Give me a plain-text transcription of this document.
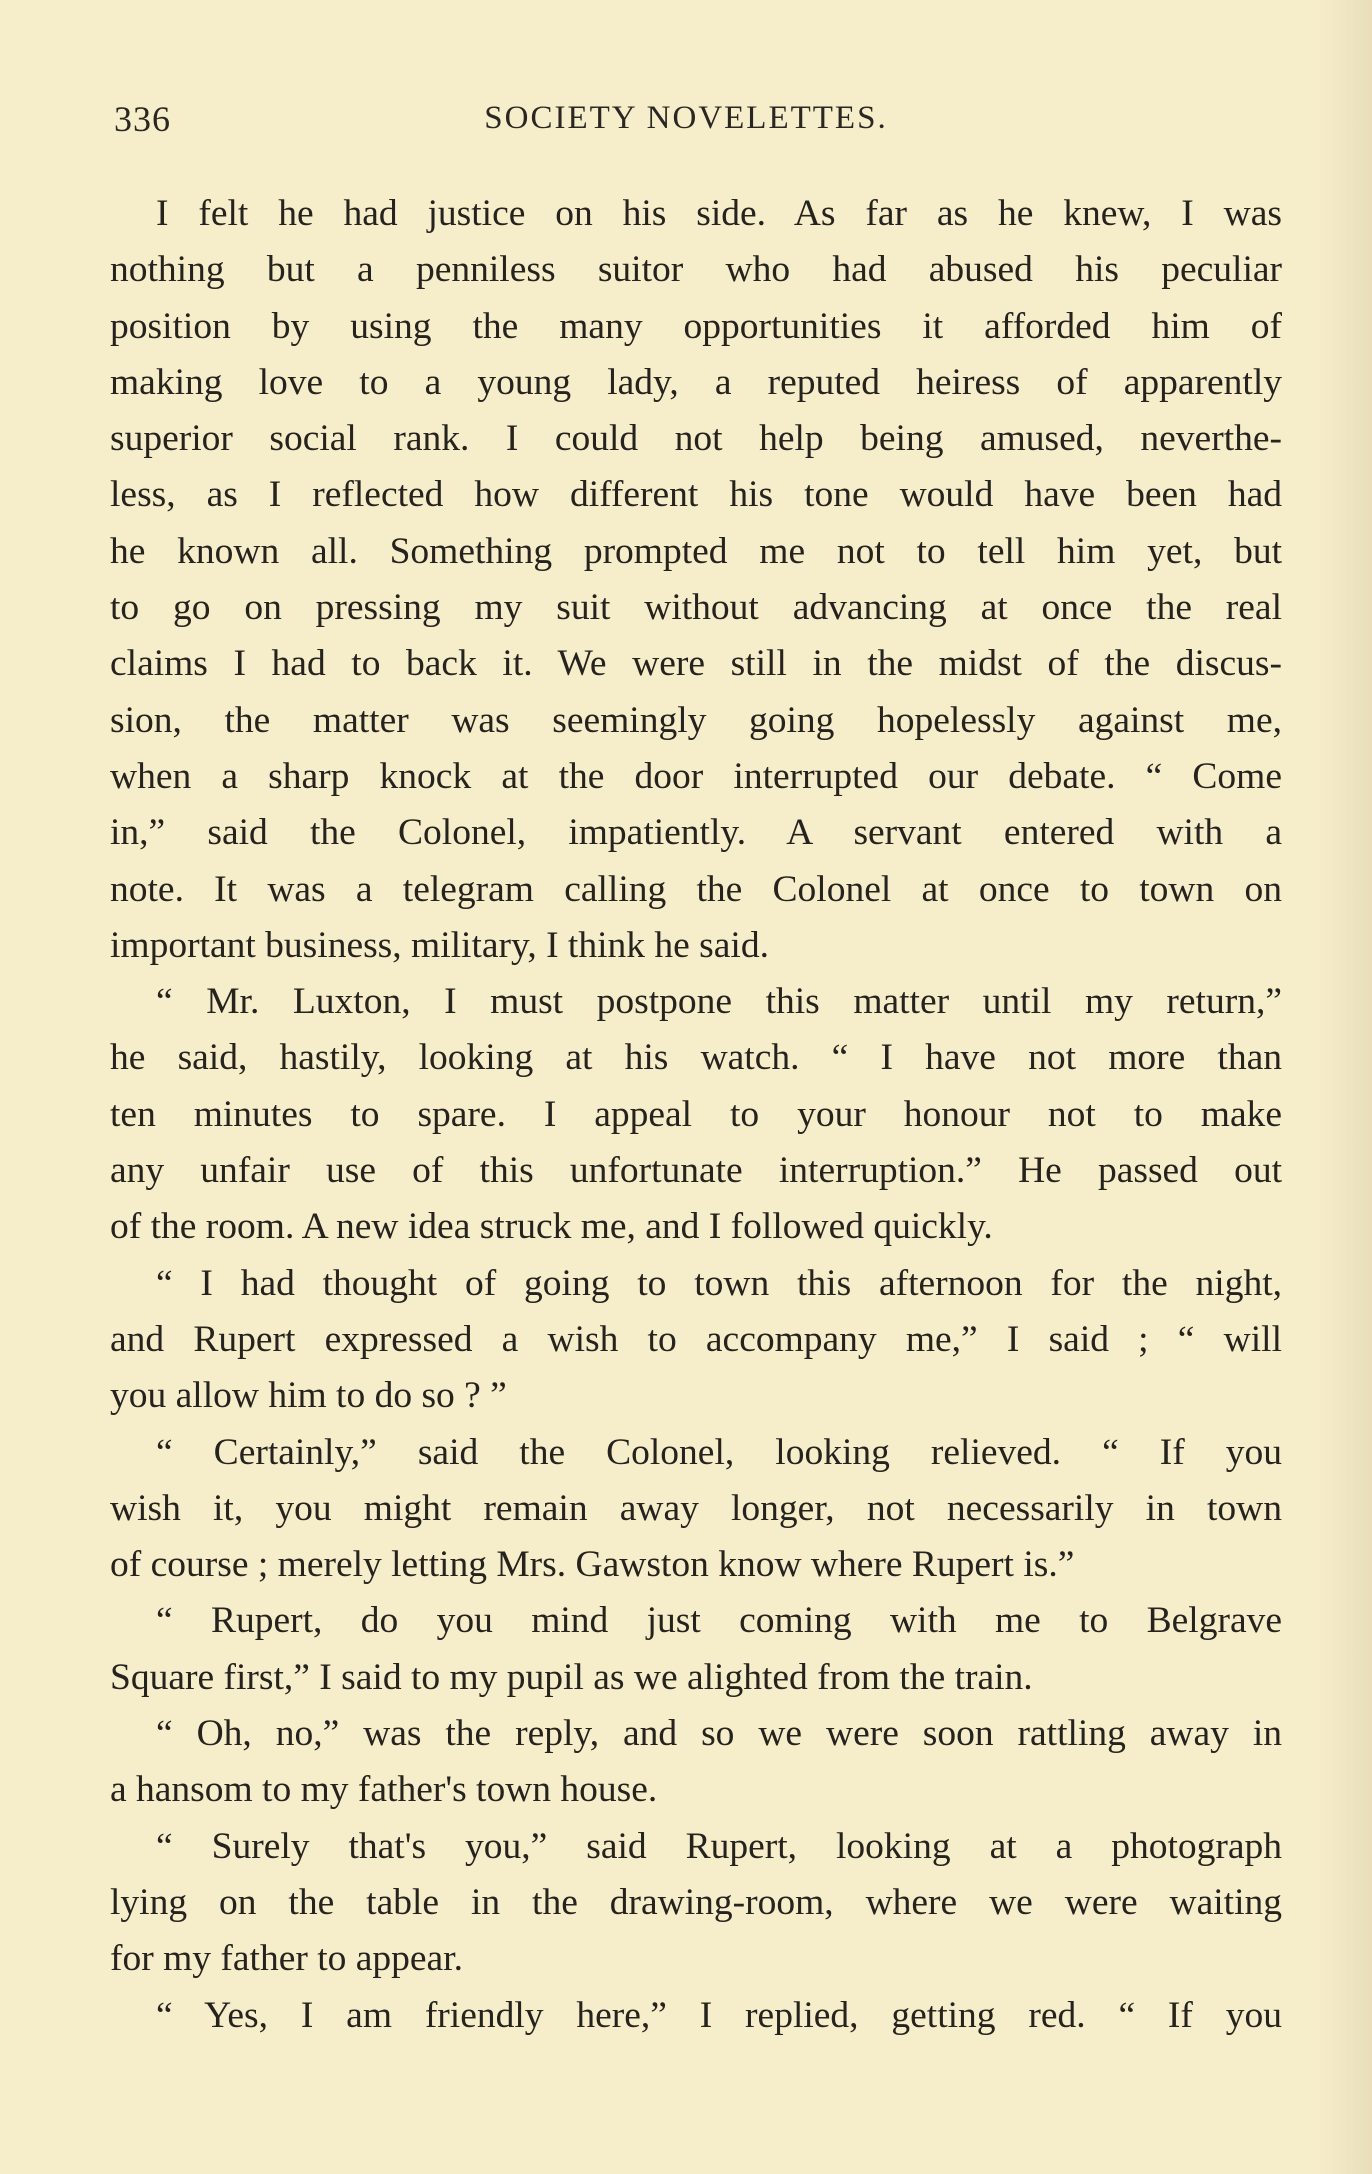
336	SOCIETY NOVELETTES.
I felt he had justice on his side. As far as he knew, I was
nothing but a penniless suitor who had abused his peculiar
position by using the many opportunities it afforded him of
making love to a young lady, a reputed heiress of apparently
superior social rank. I could not help being amused, neverthe-
less, as I reflected how different his tone would have been had
he known all. Something prompted me not to tell him yet, but
to go on pressing my suit without advancing at once the real
claims I had to back it. We were still in the midst of the discus-
sion, the matter was seemingly going hopelessly against me,
when a sharp knock at the door interrupted our debate. “ Come
in,” said the Colonel, impatiently. A servant entered with a
note. It was a telegram calling the Colonel at once to town on
important business, military, I think he said.
“ Mr. Luxton, I must postpone this matter until my return,”
he said, hastily, looking at his watch. “ I have not more than
ten minutes to spare. I appeal to your honour not to make
any unfair use of this unfortunate interruption.” He passed out
of the room. A new idea struck me, and I followed quickly.
“ I had thought of going to town this afternoon for the night,
and Rupert expressed a wish to accompany me,” I said ; “ will
you allow him to do so ? ”
“ Certainly,” said the Colonel, looking relieved. “ If you
wish it, you might remain away longer, not necessarily in town
of course ; merely letting Mrs. Gawston know where Rupert is.”
“ Rupert, do you mind just coming with me to Belgrave
Square first,” I said to my pupil as we alighted from the train.
“ Oh, no,” was the reply, and so we were soon rattling away in
a hansom to my father's town house.
“ Surely that's you,” said Rupert, looking at a photograph
lying on the table in the drawing-room, where we were waiting
for my father to appear.
“ Yes, I am friendly here,” I replied, getting red. “ If you
